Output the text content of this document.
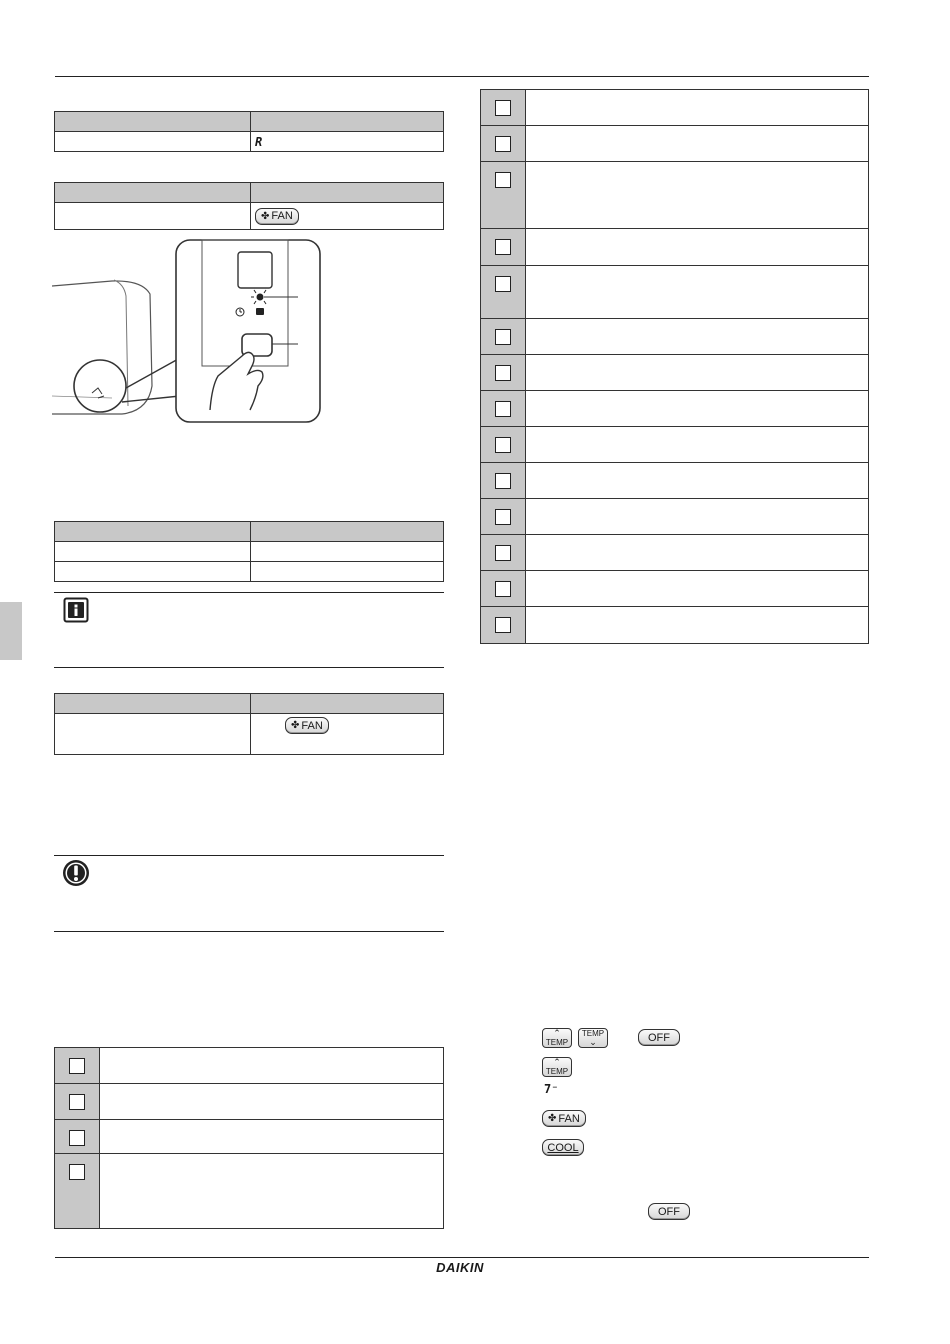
	R

	✤ FAN

	✤ FAN

⌃
TEMP
TEMP
⌄	OFF
⌃
TEMP
7⁻
✤ FAN
COOL
OFF
DAIKIN
